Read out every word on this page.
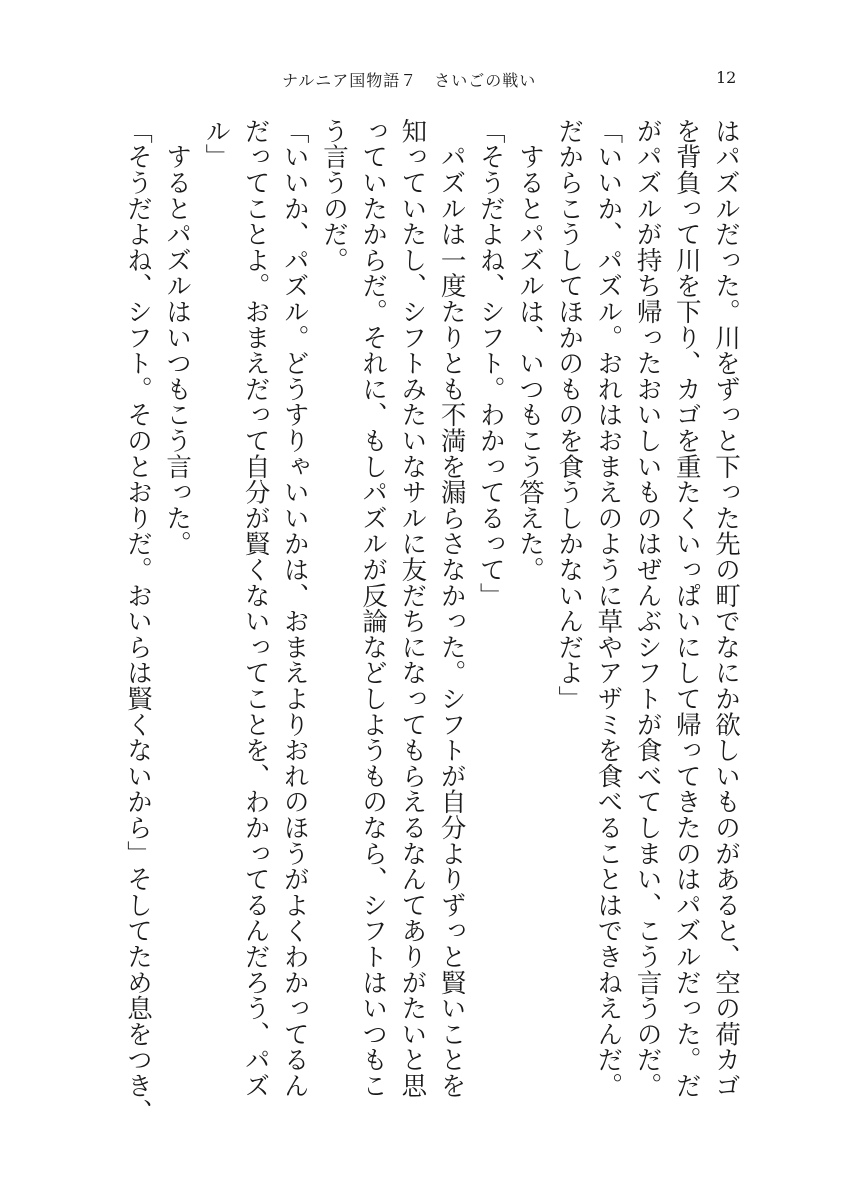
ナルニア国物語７　さいごの戦い	12
はパズルだった。川をずっと下った先の町でなにか欲しいものがあると、空の荷カゴ
を背負って川を下り、カゴを重たくいっぱいにして帰ってきたのはパズルだった。だ
がパズルが持ち帰ったおいしいものはぜんぶシフトが食べてしまい、こう言うのだ。
「いいか、パズル。おれはおまえのように草やアザミを食べることはできねえんだ。
だからこうしてほかのものを食うしかないんだよ」
　するとパズルは、いつもこう答えた。
「そうだよね、シフト。わかってるって」
　パズルは一度たりとも不満を漏らさなかった。シフトが自分よりずっと賢いことを
知っていたし、シフトみたいなサルに友だちになってもらえるなんてありがたいと思
っていたからだ。それに、もしパズルが反論などしようものなら、シフトはいつもこ
う言うのだ。
「いいか、パズル。どうすりゃいいかは、おまえよりおれのほうがよくわかってるん
だってことよ。おまえだって自分が賢くないってことを、わかってるんだろう、パズ
ル」
　するとパズルはいつもこう言った。
「そうだよね、シフト。そのとおりだ。おいらは賢くないから」そしてため息をつき、
